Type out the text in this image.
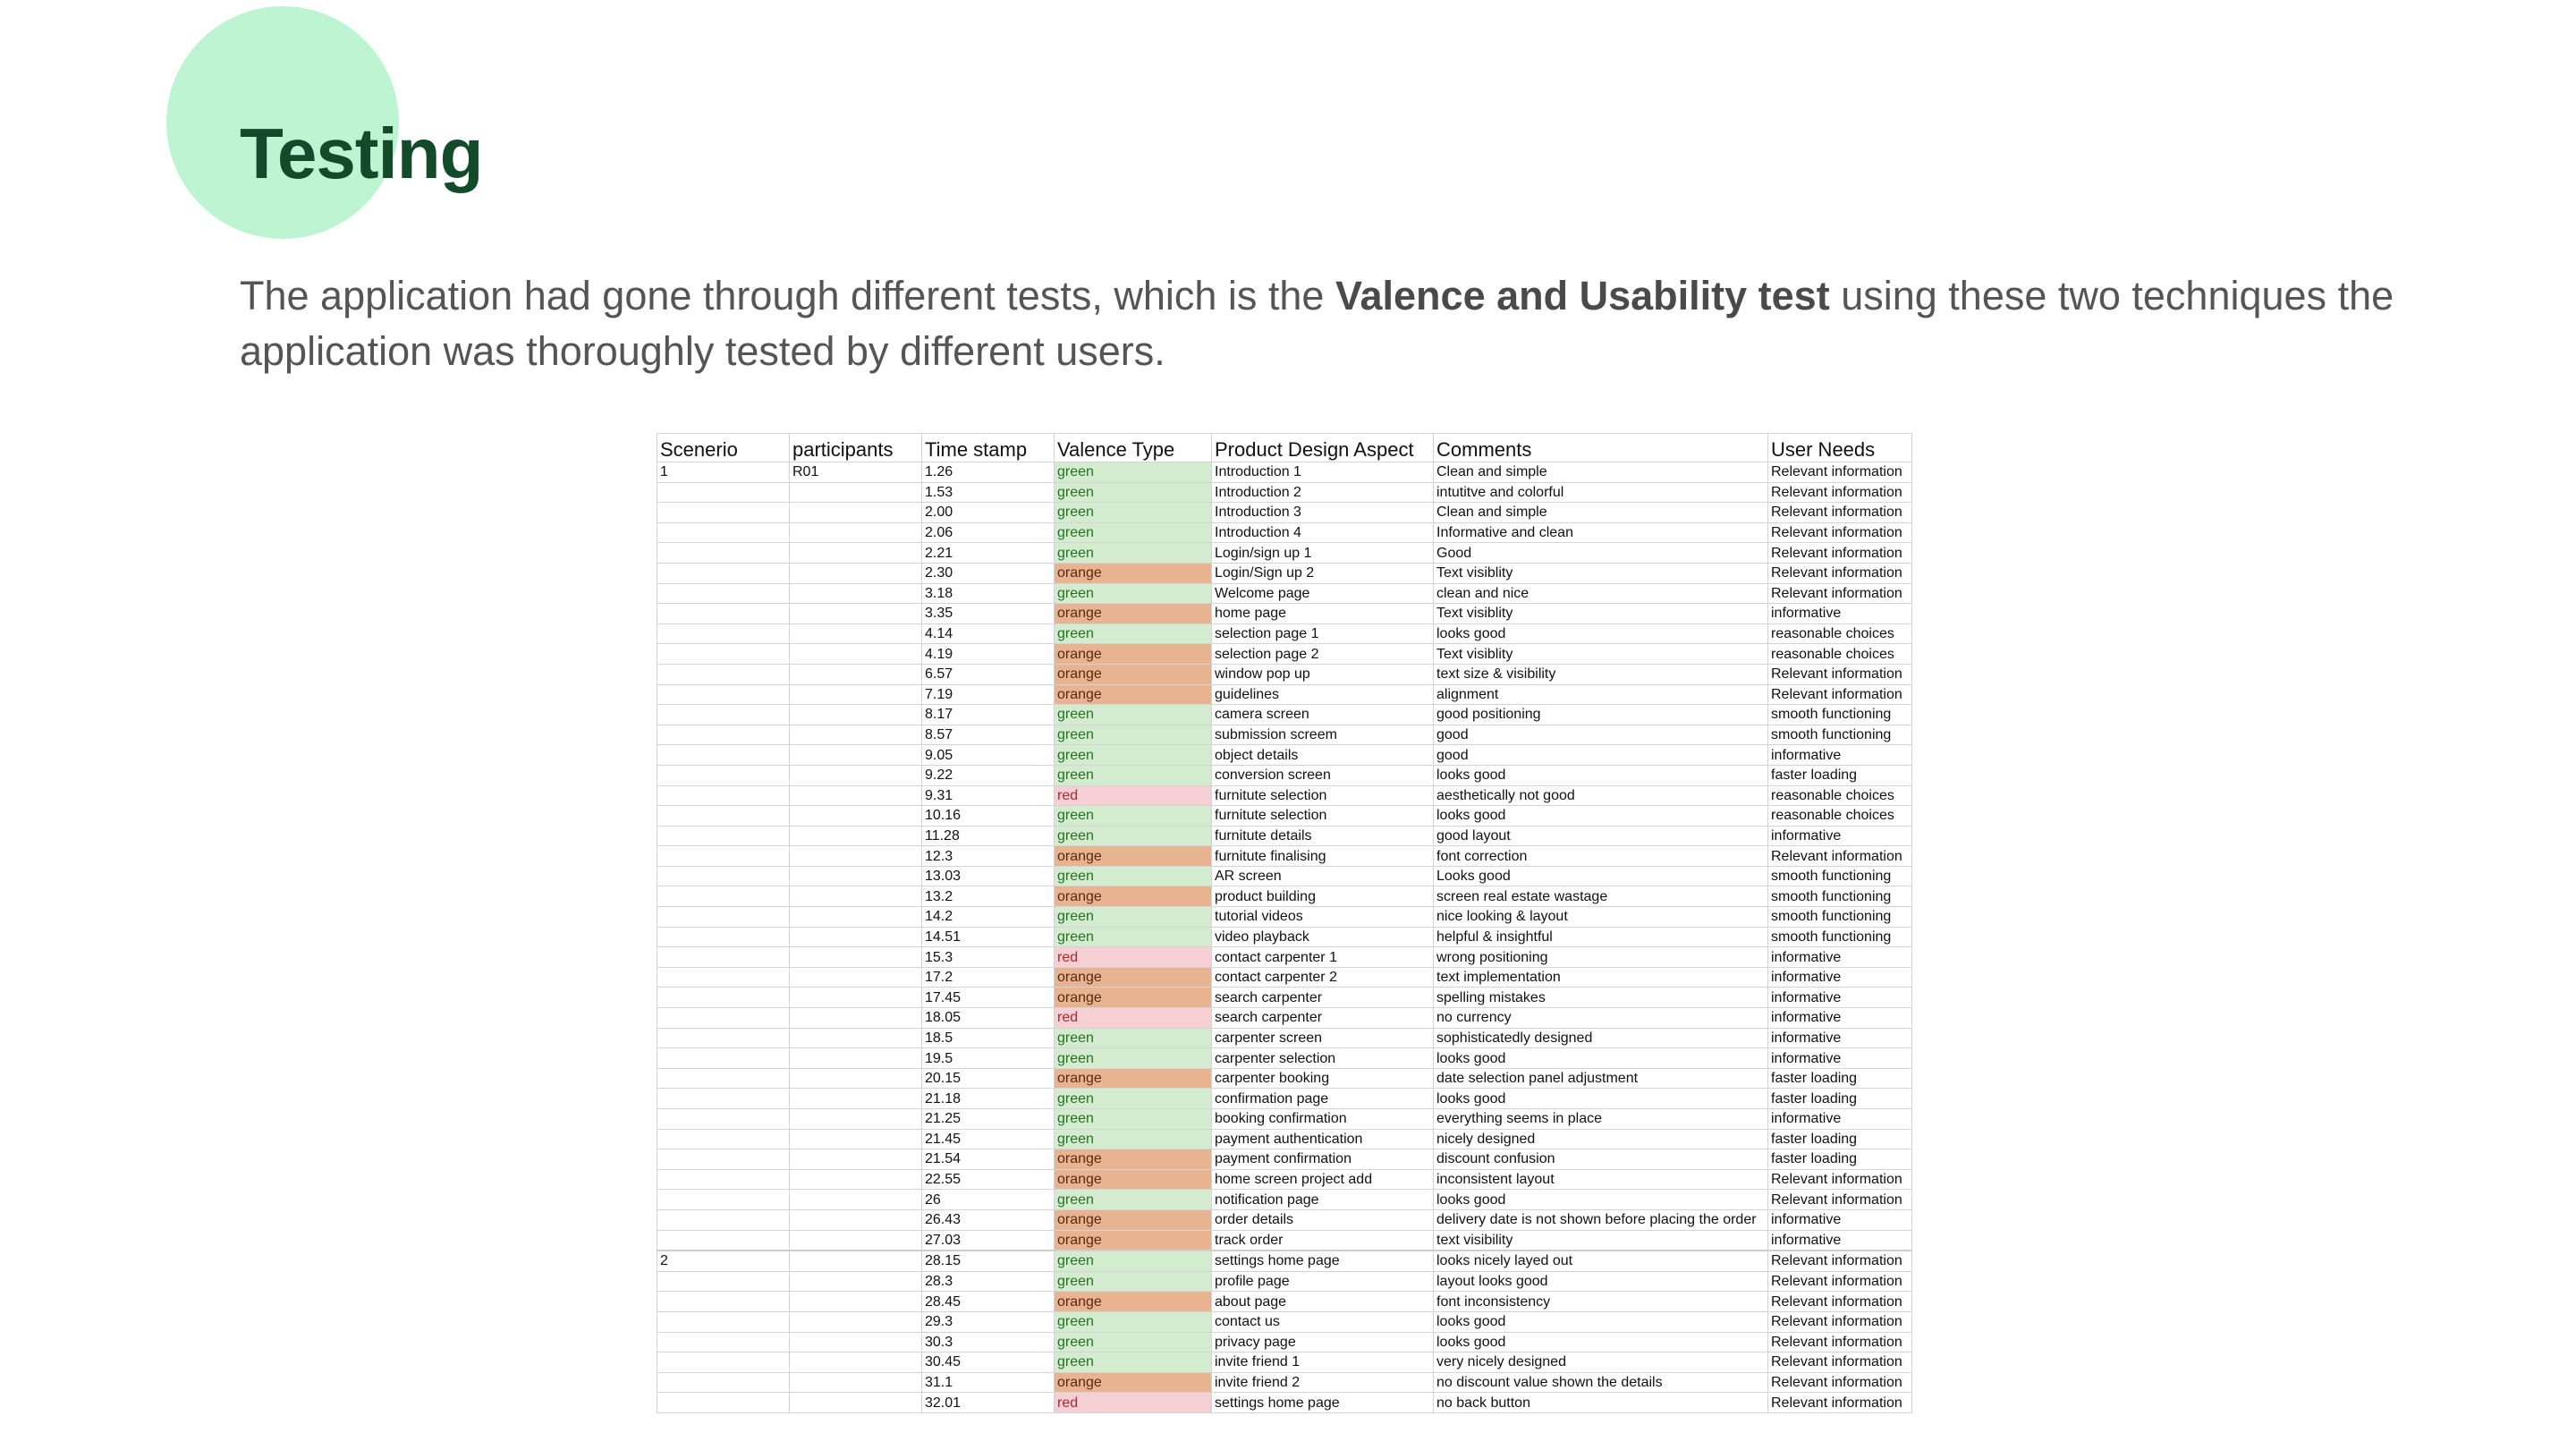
Testing

The application had gone through different tests, which is the Valence and Usability test using these two techniques the application was thoroughly tested by different users.

Scenerio	participants	Time stamp	Valence Type	Product Design Aspect	Comments	User Needs
1	R01	1.26	green	Introduction 1	Clean and simple	Relevant information
		1.53	green	Introduction 2	intutitve and colorful	Relevant information
		2.00	green	Introduction 3	Clean and simple	Relevant information
		2.06	green	Introduction 4	Informative and clean	Relevant information
		2.21	green	Login/sign up 1	Good	Relevant information
		2.30	orange	Login/Sign up 2	Text visiblity	Relevant information
		3.18	green	Welcome page	clean and nice	Relevant information
		3.35	orange	home page	Text visiblity	informative
		4.14	green	selection page 1	looks good	reasonable choices
		4.19	orange	selection page 2	Text visiblity	reasonable choices
		6.57	orange	window pop up	text size & visibility	Relevant information
		7.19	orange	guidelines	alignment	Relevant information
		8.17	green	camera screen	good positioning	smooth functioning
		8.57	green	submission screem	good	smooth functioning
		9.05	green	object details	good	informative
		9.22	green	conversion screen	looks good	faster loading
		9.31	red	furnitute selection	aesthetically not good	reasonable choices
		10.16	green	furnitute selection	looks good	reasonable choices
		11.28	green	furnitute details	good layout	informative
		12.3	orange	furnitute finalising	font correction	Relevant information
		13.03	green	AR screen	Looks good	smooth functioning
		13.2	orange	product building	screen real estate wastage	smooth functioning
		14.2	green	tutorial videos	nice looking & layout	smooth functioning
		14.51	green	video playback	helpful & insightful	smooth functioning
		15.3	red	contact carpenter 1	wrong positioning	informative
		17.2	orange	contact carpenter 2	text implementation	informative
		17.45	orange	search carpenter	spelling mistakes	informative
		18.05	red	search carpenter	no currency	informative
		18.5	green	carpenter screen	sophisticatedly designed	informative
		19.5	green	carpenter selection	looks good	informative
		20.15	orange	carpenter booking	date selection panel adjustment	faster loading
		21.18	green	confirmation page	looks good	faster loading
		21.25	green	booking confirmation	everything seems in place	informative
		21.45	green	payment authentication	nicely designed	faster loading
		21.54	orange	payment confirmation	discount confusion	faster loading
		22.55	orange	home screen project add	inconsistent layout	Relevant information
		26	green	notification page	looks good	Relevant information
		26.43	orange	order details	delivery date is not shown before placing the order	informative
		27.03	orange	track order	text visibility	informative
2		28.15	green	settings home page	looks nicely layed out	Relevant information
		28.3	green	profile page	layout looks good	Relevant information
		28.45	orange	about page	font inconsistency	Relevant information
		29.3	green	contact us	looks good	Relevant information
		30.3	green	privacy page	looks good	Relevant information
		30.45	green	invite friend 1	very nicely designed	Relevant information
		31.1	orange	invite friend 2	no discount value shown the details	Relevant information
		32.01	red	settings home page	no back button	Relevant information
